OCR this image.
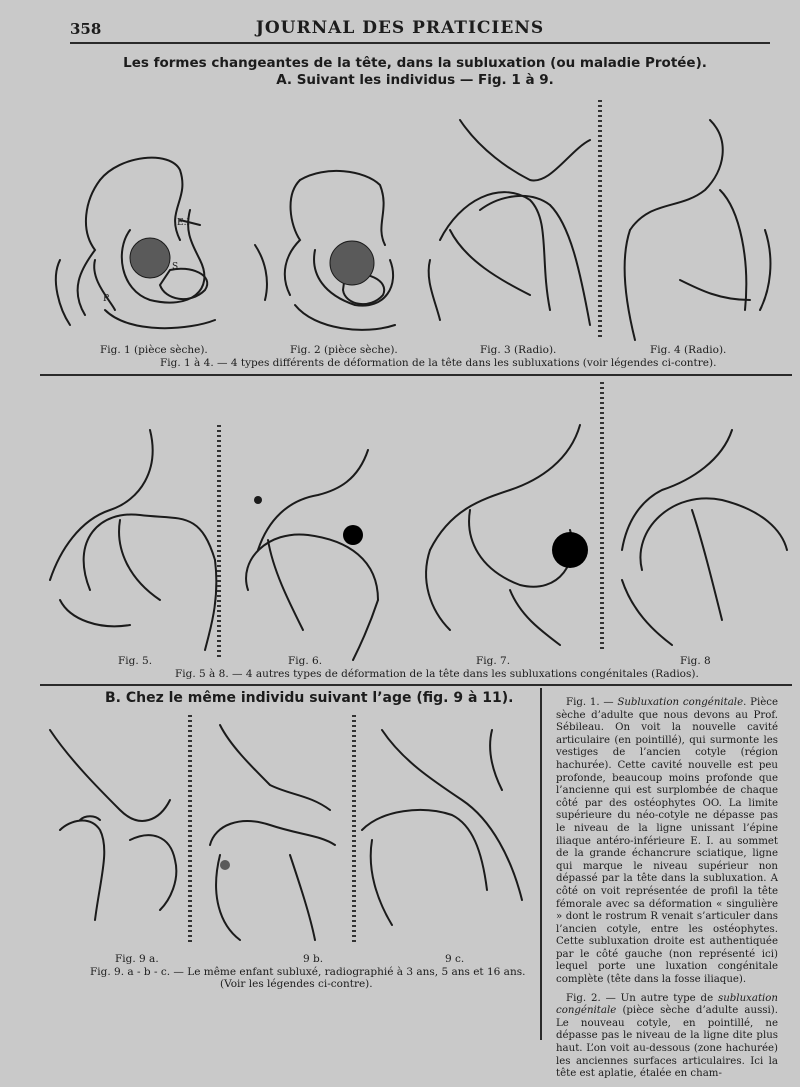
358	JOURNAL DES PRATICIENS
Les formes changeantes de la tête, dans la subluxation (ou maladie Protée).
A. Suivant les individus — Fig. 1 à 9.
E.I
R
S
Fig. 1 (pièce sèche).	Fig. 2 (pièce sèche).	Fig. 3 (Radio).	Fig. 4 (Radio).
Fig. 1 à 4. — 4 types différents de déformation de la tête dans les subluxations (voir légendes ci-contre).
Fig. 5.	Fig. 6.	Fig. 7.	Fig. 8
Fig. 5 à 8. — 4 autres types de déformation de la tête dans les subluxations congénitales (Radios).
B. Chez le même individu suivant l’age (fig. 9 à 11).
Fig. 9 a.	9 b.	9 c.
Fig. 9. a - b - c. — Le même enfant subluxé, radiographié à 3 ans, 5 ans et 16 ans.
(Voir les légendes ci-contre).

Fig. 1. — Subluxation congénitale. Pièce sèche d’adulte que nous devons au Prof. Sébileau. On voit la nouvelle cavité articulaire (en pointillé), qui surmonte les vestiges de l’ancien cotyle (région hachurée). Cette cavité nouvelle est peu profonde, beaucoup moins profonde que l’ancienne qui est surplombée de chaque côté par des ostéophytes OO. La limite supérieure du néo-cotyle ne dépasse pas le niveau de la ligne unissant l’épine iliaque antéro-inférieure E. I. au sommet de la grande échancrure sciatique, ligne qui marque le niveau supérieur non dépassé par la tête dans la subluxation. A côté on voit représentée de profil la tête fémorale avec sa déformation « singulière » dont le rostrum R venait s’articuler dans l’ancien cotyle, entre les ostéophytes. Cette subluxation droite est authentiquée par le côté gauche (non représenté ici) lequel porte une luxation congénitale complète (tête dans la fosse iliaque).

Fig. 2. — Un autre type de subluxation congénitale (pièce sèche d’adulte aussi). Le nouveau cotyle, en pointillé, ne dépasse pas le niveau de la ligne dite plus haut. L’on voit au-dessous (zone hachurée) les anciennes surfaces articulaires. Ici la tête est aplatie, étalée en cham-
